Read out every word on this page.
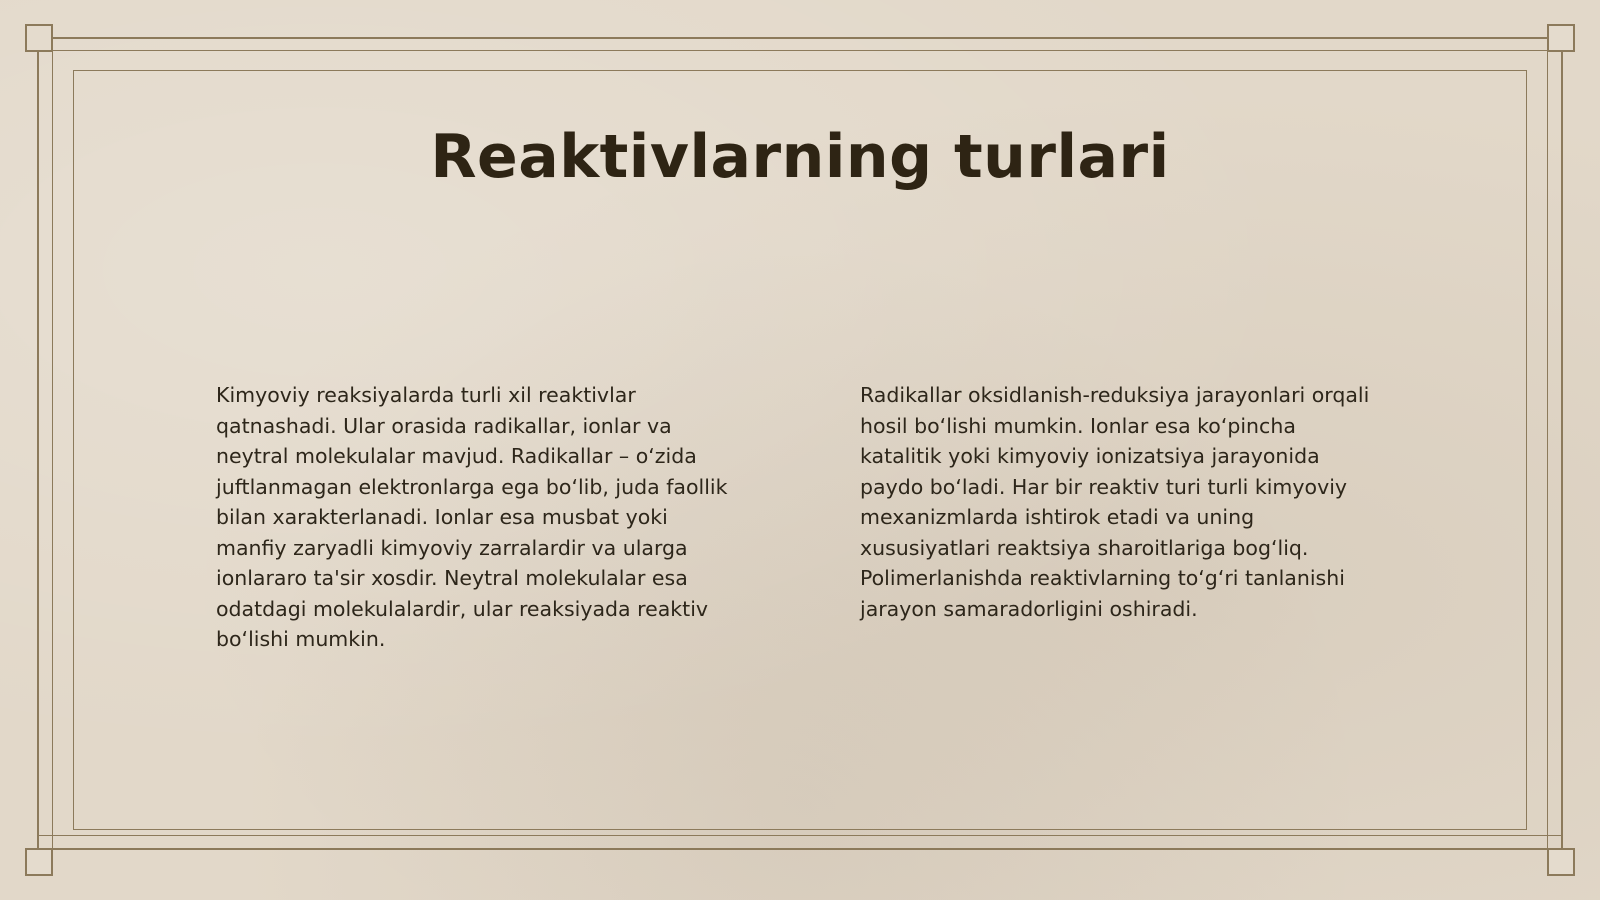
Reaktivlarning turlari

Kimyoviy reaksiyalarda turli xil reaktivlar qatnashadi. Ular orasida radikallar, ionlar va neytral molekulalar mavjud. Radikallar – o‘zida juftlanmagan elektronlarga ega bo‘lib, juda faollik bilan xarakterlanadi. Ionlar esa musbat yoki manfiy zaryadli kimyoviy zarralardir va ularga ionlararo ta'sir xosdir. Neytral molekulalar esa odatdagi molekulalardir, ular reaksiyada reaktiv bo‘lishi mumkin.

Radikallar oksidlanish-reduksiya jarayonlari orqali hosil bo‘lishi mumkin. Ionlar esa ko‘pincha katalitik yoki kimyoviy ionizatsiya jarayonida paydo bo‘ladi. Har bir reaktiv turi turli kimyoviy mexanizmlarda ishtirok etadi va uning xususiyatlari reaktsiya sharoitlariga bog‘liq. Polimerlanishda reaktivlarning to‘g‘ri tanlanishi jarayon samaradorligini oshiradi.
